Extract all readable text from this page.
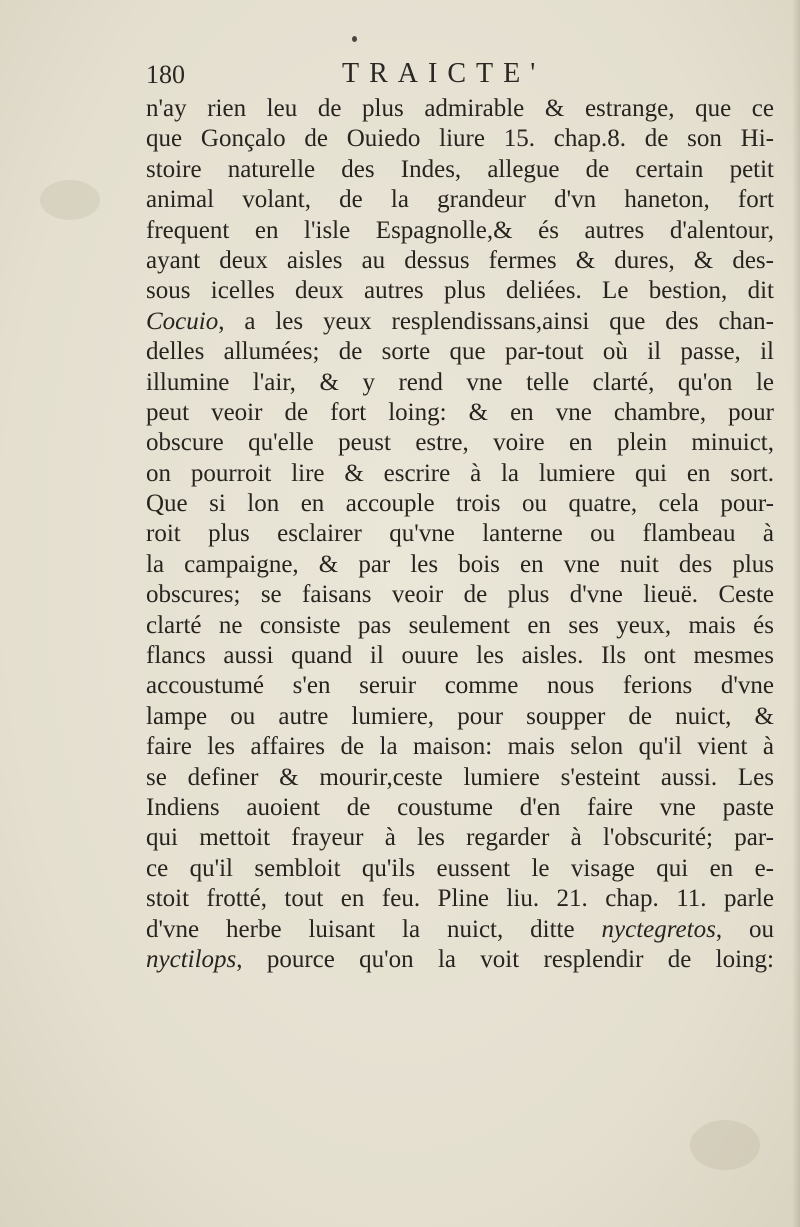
180	TRAICTE'
n'ay rien leu de plus admirable & estrange, que ce
que Gonçalo de Ouiedo liure 15. chap.8. de son Hi-
stoire naturelle des Indes, allegue de certain petit
animal volant, de la grandeur d'vn haneton, fort
frequent en l'isle Espagnolle,& és autres d'alentour,
ayant deux aisles au dessus fermes & dures, & des-
sous icelles deux autres plus deliées. Le bestion, dit
Cocuio, a les yeux resplendissans,ainsi que des chan-
delles allumées; de sorte que par-tout où il passe, il
illumine l'air, & y rend vne telle clarté, qu'on le
peut veoir de fort loing: & en vne chambre, pour
obscure qu'elle peust estre, voire en plein minuict,
on pourroit lire & escrire à la lumiere qui en sort.
Que si lon en accouple trois ou quatre, cela pour-
roit plus esclairer qu'vne lanterne ou flambeau à
la campaigne, & par les bois en vne nuit des plus
obscures; se faisans veoir de plus d'vne lieuë. Ceste
clarté ne consiste pas seulement en ses yeux, mais és
flancs aussi quand il ouure les aisles. Ils ont mesmes
accoustumé s'en seruir comme nous ferions d'vne
lampe ou autre lumiere, pour soupper de nuict, &
faire les affaires de la maison: mais selon qu'il vient à
se definer & mourir,ceste lumiere s'esteint aussi. Les
Indiens auoient de coustume d'en faire vne paste
qui mettoit frayeur à les regarder à l'obscurité; par-
ce qu'il sembloit qu'ils eussent le visage qui en e-
stoit frotté, tout en feu. Pline liu. 21. chap. 11. parle
d'vne herbe luisant la nuict, ditte nyctegretos, ou
nyctilops, pource qu'on la voit resplendir de loing:
